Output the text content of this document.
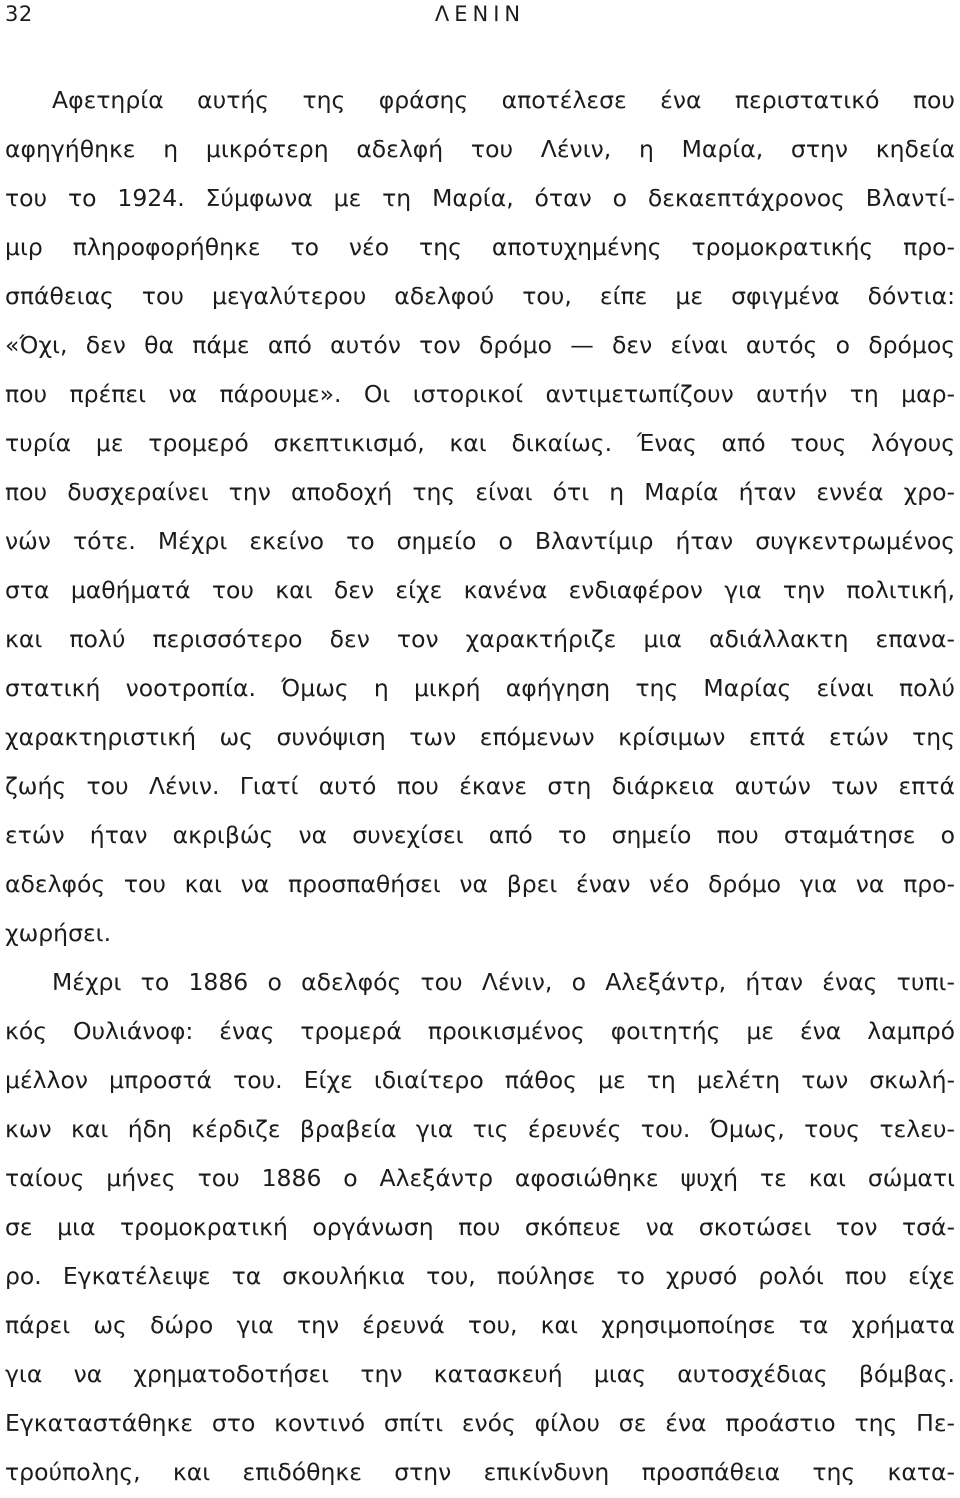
32	ΛΕΝΙΝ
Αφετηρία αυτής της φράσης αποτέλεσε ένα περιστατικό που
αφηγήθηκε η μικρότερη αδελφή του Λένιν, η Μαρία, στην κηδεία
του το 1924. Σύμφωνα με τη Μαρία, όταν ο δεκαεπτάχρονος Βλαντί-
μιρ πληροφορήθηκε το νέο της αποτυχημένης τρομοκρατικής προ-
σπάθειας του μεγαλύτερου αδελφού του, είπε με σφιγμένα δόντια:
«Όχι, δεν θα πάμε από αυτόν τον δρόμο — δεν είναι αυτός ο δρόμος
που πρέπει να πάρουμε». Οι ιστορικοί αντιμετωπίζουν αυτήν τη μαρ-
τυρία με τρομερό σκεπτικισμό, και δικαίως. Ένας από τους λόγους
που δυσχεραίνει την αποδοχή της είναι ότι η Μαρία ήταν εννέα χρο-
νών τότε. Μέχρι εκείνο το σημείο ο Βλαντίμιρ ήταν συγκεντρωμένος
στα μαθήματά του και δεν είχε κανένα ενδιαφέρον για την πολιτική,
και πολύ περισσότερο δεν τον χαρακτήριζε μια αδιάλλακτη επανα-
στατική νοοτροπία. Όμως η μικρή αφήγηση της Μαρίας είναι πολύ
χαρακτηριστική ως συνόψιση των επόμενων κρίσιμων επτά ετών της
ζωής του Λένιν. Γιατί αυτό που έκανε στη διάρκεια αυτών των επτά
ετών ήταν ακριβώς να συνεχίσει από το σημείο που σταμάτησε ο
αδελφός του και να προσπαθήσει να βρει έναν νέο δρόμο για να προ-
χωρήσει.
Μέχρι το 1886 ο αδελφός του Λένιν, ο Αλεξάντρ, ήταν ένας τυπι-
κός Ουλιάνοφ: ένας τρομερά προικισμένος φοιτητής με ένα λαμπρό
μέλλον μπροστά του. Είχε ιδιαίτερο πάθος με τη μελέτη των σκωλή-
κων και ήδη κέρδιζε βραβεία για τις έρευνές του. Όμως, τους τελευ-
ταίους μήνες του 1886 ο Αλεξάντρ αφοσιώθηκε ψυχή τε και σώματι
σε μια τρομοκρατική οργάνωση που σκόπευε να σκοτώσει τον τσά-
ρο. Εγκατέλειψε τα σκουλήκια του, πούλησε το χρυσό ρολόι που είχε
πάρει ως δώρο για την έρευνά του, και χρησιμοποίησε τα χρήματα
για να χρηματοδοτήσει την κατασκευή μιας αυτοσχέδιας βόμβας.
Εγκαταστάθηκε στο κοντινό σπίτι ενός φίλου σε ένα προάστιο της Πε-
τρούπολης, και επιδόθηκε στην επικίνδυνη προσπάθεια της κατα-
